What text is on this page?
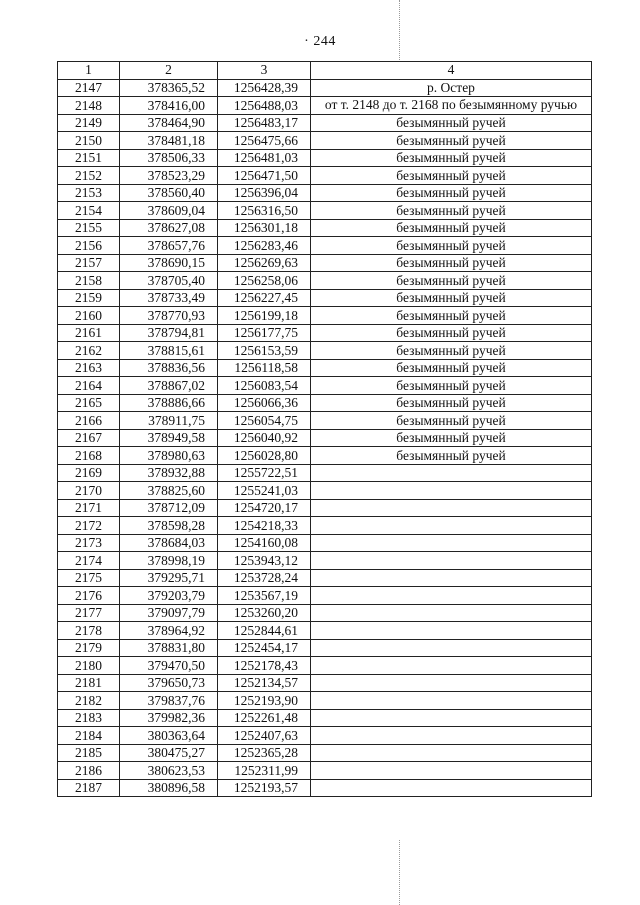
· 244
1	2	3	4
2147	378365,52	1256428,39	р. Остер
2148	378416,00	1256488,03	от т. 2148 до т. 2168 по безымянному ручью
2149	378464,90	1256483,17	безымянный ручей
2150	378481,18	1256475,66	безымянный ручей
2151	378506,33	1256481,03	безымянный ручей
2152	378523,29	1256471,50	безымянный ручей
2153	378560,40	1256396,04	безымянный ручей
2154	378609,04	1256316,50	безымянный ручей
2155	378627,08	1256301,18	безымянный ручей
2156	378657,76	1256283,46	безымянный ручей
2157	378690,15	1256269,63	безымянный ручей
2158	378705,40	1256258,06	безымянный ручей
2159	378733,49	1256227,45	безымянный ручей
2160	378770,93	1256199,18	безымянный ручей
2161	378794,81	1256177,75	безымянный ручей
2162	378815,61	1256153,59	безымянный ручей
2163	378836,56	1256118,58	безымянный ручей
2164	378867,02	1256083,54	безымянный ручей
2165	378886,66	1256066,36	безымянный ручей
2166	378911,75	1256054,75	безымянный ручей
2167	378949,58	1256040,92	безымянный ручей
2168	378980,63	1256028,80	безымянный ручей
2169	378932,88	1255722,51	
2170	378825,60	1255241,03	
2171	378712,09	1254720,17	
2172	378598,28	1254218,33	
2173	378684,03	1254160,08	
2174	378998,19	1253943,12	
2175	379295,71	1253728,24	
2176	379203,79	1253567,19	
2177	379097,79	1253260,20	
2178	378964,92	1252844,61	
2179	378831,80	1252454,17	
2180	379470,50	1252178,43	
2181	379650,73	1252134,57	
2182	379837,76	1252193,90	
2183	379982,36	1252261,48	
2184	380363,64	1252407,63	
2185	380475,27	1252365,28	
2186	380623,53	1252311,99	
2187	380896,58	1252193,57	
